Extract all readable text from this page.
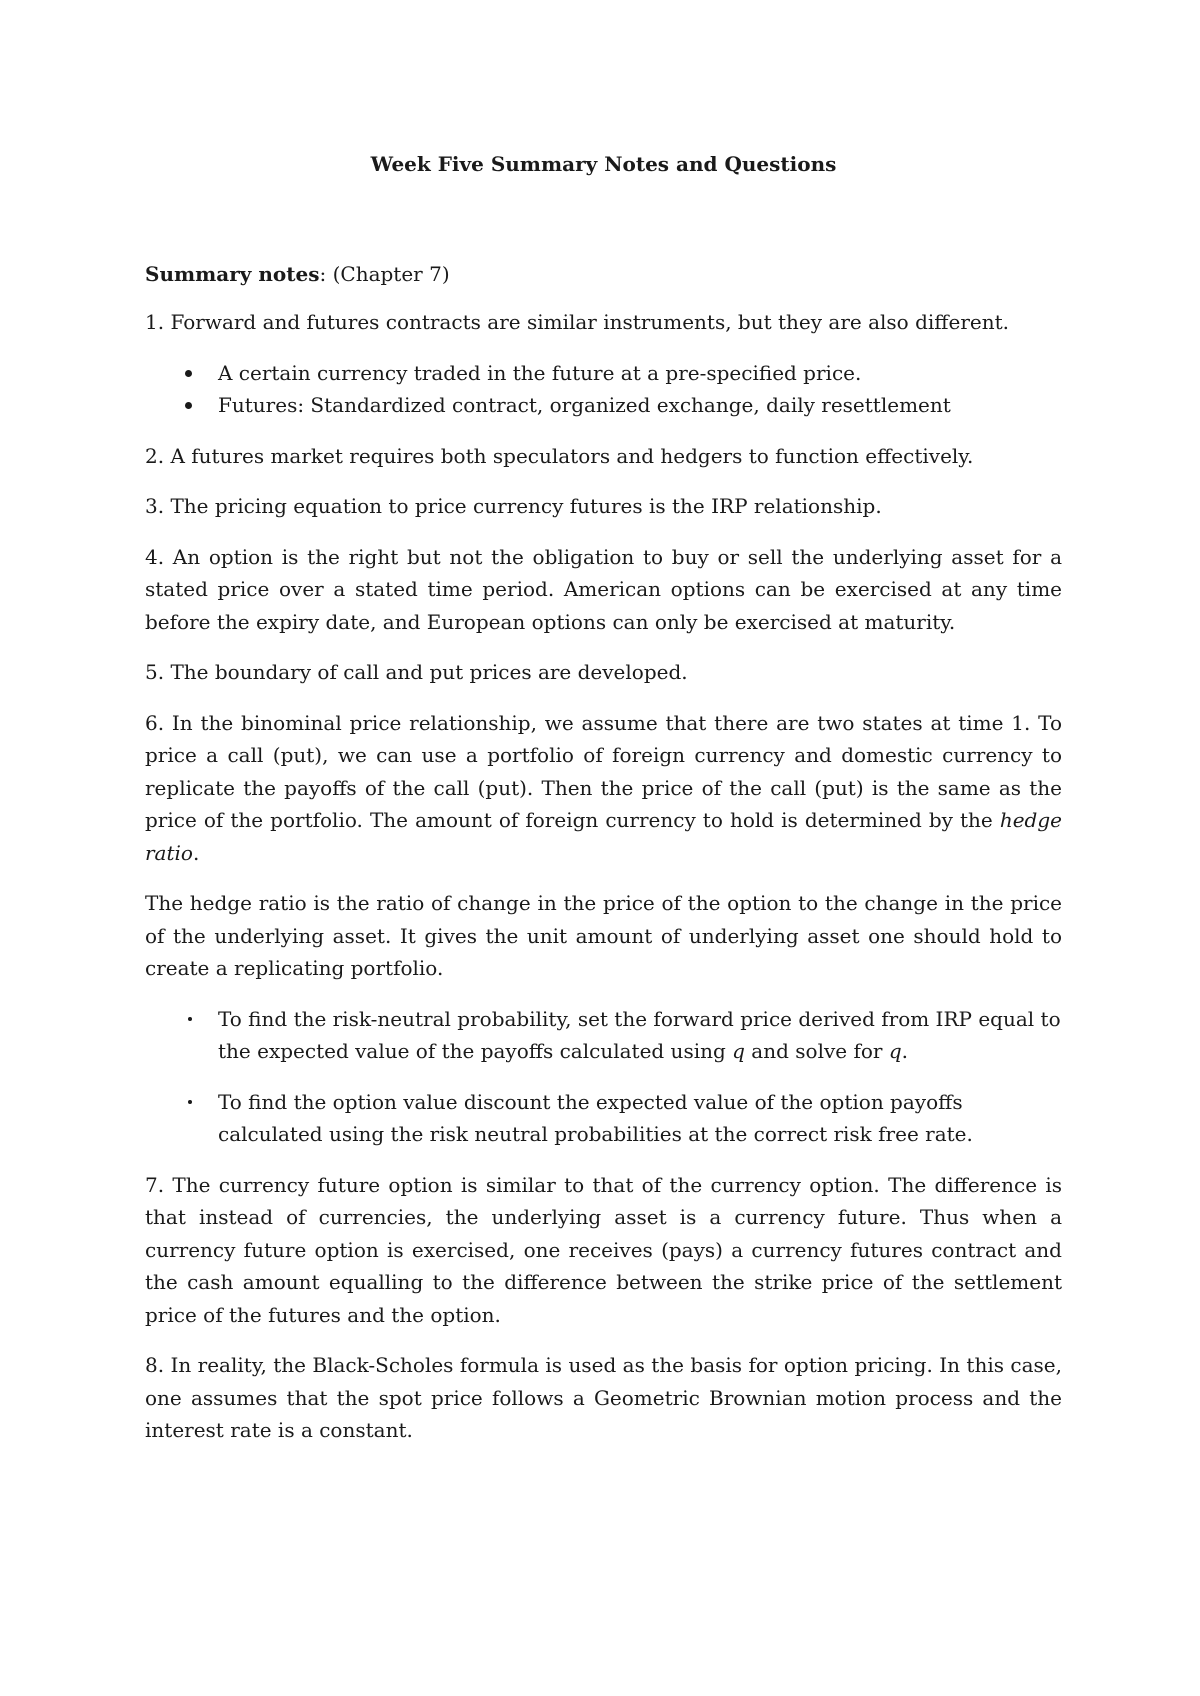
Week Five Summary Notes and Questions
Summary notes: (Chapter 7)

1. Forward and futures contracts are similar instruments, but they are also different.

A certain currency traded in the future at a pre-specified price.
Futures: Standardized contract, organized exchange, daily resettlement

2. A futures market requires both speculators and hedgers to function effectively.

3. The pricing equation to price currency futures is the IRP relationship.

4. An option is the right but not the obligation to buy or sell the underlying asset for a stated price over a stated time period. American options can be exercised at any time before the expiry date, and European options can only be exercised at maturity.

5. The boundary of call and put prices are developed.

6. In the binominal price relationship, we assume that there are two states at time 1. To price a call (put), we can use a portfolio of foreign currency and domestic currency to replicate the payoffs of the call (put). Then the price of the call (put) is the same as the price of the portfolio. The amount of foreign currency to hold is determined by the hedge ratio.

The hedge ratio is the ratio of change in the price of the option to the change in the price of the underlying asset. It gives the unit amount of underlying asset one should hold to create a replicating portfolio.

To find the risk-neutral probability, set the forward price derived from IRP equal to the expected value of the payoffs calculated using q and solve for q.
To find the option value discount the expected value of the option payoffs calculated using the risk neutral probabilities at the correct risk free rate.

7. The currency future option is similar to that of the currency option. The difference is that instead of currencies, the underlying asset is a currency future. Thus when a currency future option is exercised, one receives (pays) a currency futures contract and the cash amount equalling to the difference between the strike price of the settlement price of the futures and the option.

8. In reality, the Black-Scholes formula is used as the basis for option pricing. In this case, one assumes that the spot price follows a Geometric Brownian motion process and the interest rate is a constant.
